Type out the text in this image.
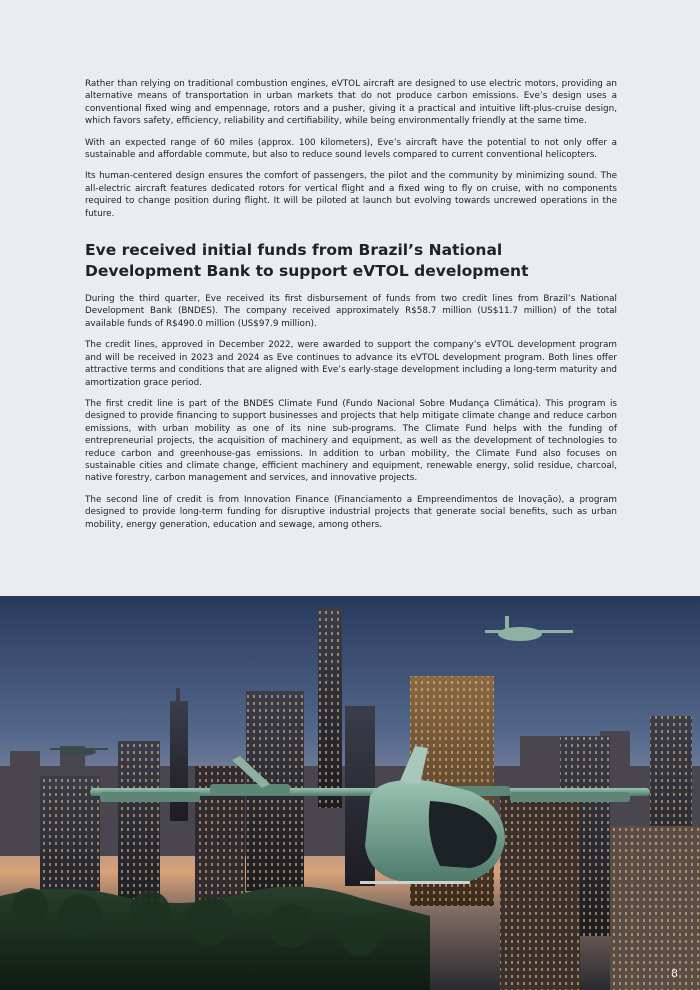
Rather than relying on traditional combustion engines, eVTOL aircraft are designed to use electric motors, providing an alternative means of transportation in urban markets that do not produce carbon emissions. Eve’s design uses a conventional fixed wing and empennage, rotors and a pusher, giving it a practical and intuitive lift-plus-cruise design, which favors safety, efficiency, reliability and certifiability, while being environmentally friendly at the same time.

With an expected range of 60 miles (approx. 100 kilometers), Eve’s aircraft have the potential to not only offer a sustainable and affordable commute, but also to reduce sound levels compared to current conventional helicopters.

Its human-centered design ensures the comfort of passengers, the pilot and the community by minimizing sound. The all-electric aircraft features dedicated rotors for vertical flight and a fixed wing to fly on cruise, with no components required to change position during flight. It will be piloted at launch but evolving towards uncrewed operations in the future.

Eve received initial funds from Brazil’s National Development Bank to support eVTOL development

During the third quarter, Eve received its first disbursement of funds from two credit lines from Brazil’s National Development Bank (BNDES). The company received approximately R$58.7 million (US$11.7 million) of the total available funds of R$490.0 million (US$97.9 million).

The credit lines, approved in December 2022, were awarded to support the company’s eVTOL development program and will be received in 2023 and 2024 as Eve continues to advance its eVTOL development program. Both lines offer attractive terms and conditions that are aligned with Eve’s early-stage development including a long-term maturity and amortization grace period.

The first credit line is part of the BNDES Climate Fund (Fundo Nacional Sobre Mudança Climática). This program is designed to provide financing to support businesses and projects that help mitigate climate change and reduce carbon emissions, with urban mobility as one of its nine sub-programs. The Climate Fund helps with the funding of entrepreneurial projects, the acquisition of machinery and equipment, as well as the development of technologies to reduce carbon and greenhouse-gas emissions. In addition to urban mobility, the Climate Fund also focuses on sustainable cities and climate change, efficient machinery and equipment, renewable energy, solid residue, charcoal, native forestry, carbon management and services, and innovative projects.

The second line of credit is from Innovation Finance (Financiamento a Empreendimentos de Inovação), a program designed to provide long-term funding for disruptive industrial projects that generate social benefits, such as urban mobility, energy generation, education and sewage, among others.

8
